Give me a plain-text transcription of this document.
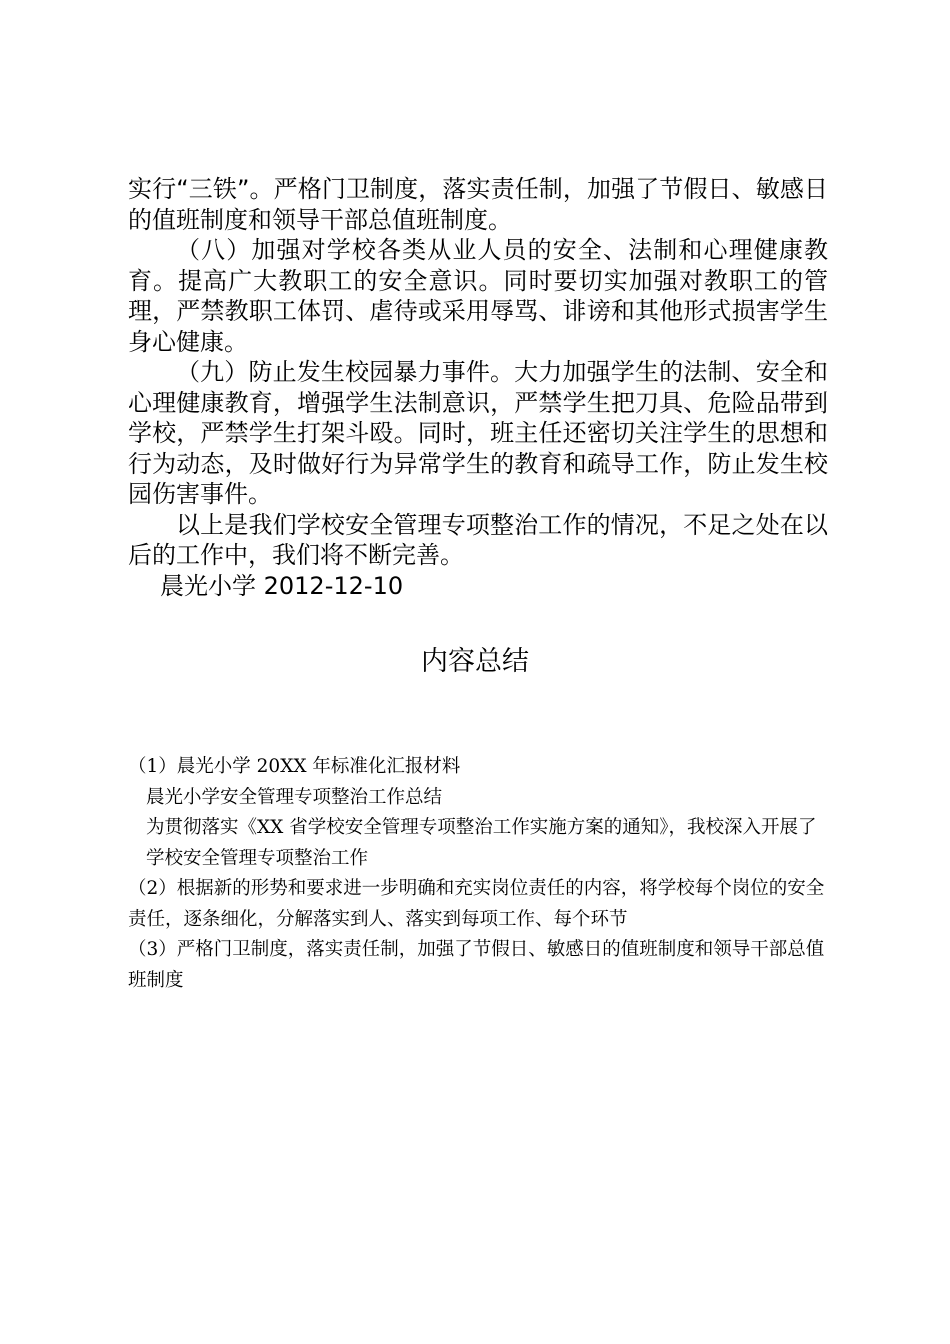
实行“三铁”。严格门卫制度，落实责任制，加强了节假日、敏感日的值班制度和领导干部总值班制度。

（八）加强对学校各类从业人员的安全、法制和心理健康教育。提高广大教职工的安全意识。同时要切实加强对教职工的管理，严禁教职工体罚、虐待或采用辱骂、诽谤和其他形式损害学生身心健康。

（九）防止发生校园暴力事件。大力加强学生的法制、安全和心理健康教育，增强学生法制意识，严禁学生把刀具、危险品带到学校，严禁学生打架斗殴。同时，班主任还密切关注学生的思想和行为动态，及时做好行为异常学生的教育和疏导工作，防止发生校园伤害事件。

以上是我们学校安全管理专项整治工作的情况，不足之处在以后的工作中，我们将不断完善。

晨光小学 2012-12-10

内容总结

（1）晨光小学 20XX 年标准化汇报材料

晨光小学安全管理专项整治工作总结

为贯彻落实《XX 省学校安全管理专项整治工作实施方案的通知》，我校深入开展了学校安全管理专项整治工作

（2）根据新的形势和要求进一步明确和充实岗位责任的内容，将学校每个岗位的安全责任，逐条细化，分解落实到人、落实到每项工作、每个环节

（3）严格门卫制度，落实责任制，加强了节假日、敏感日的值班制度和领导干部总值班制度
